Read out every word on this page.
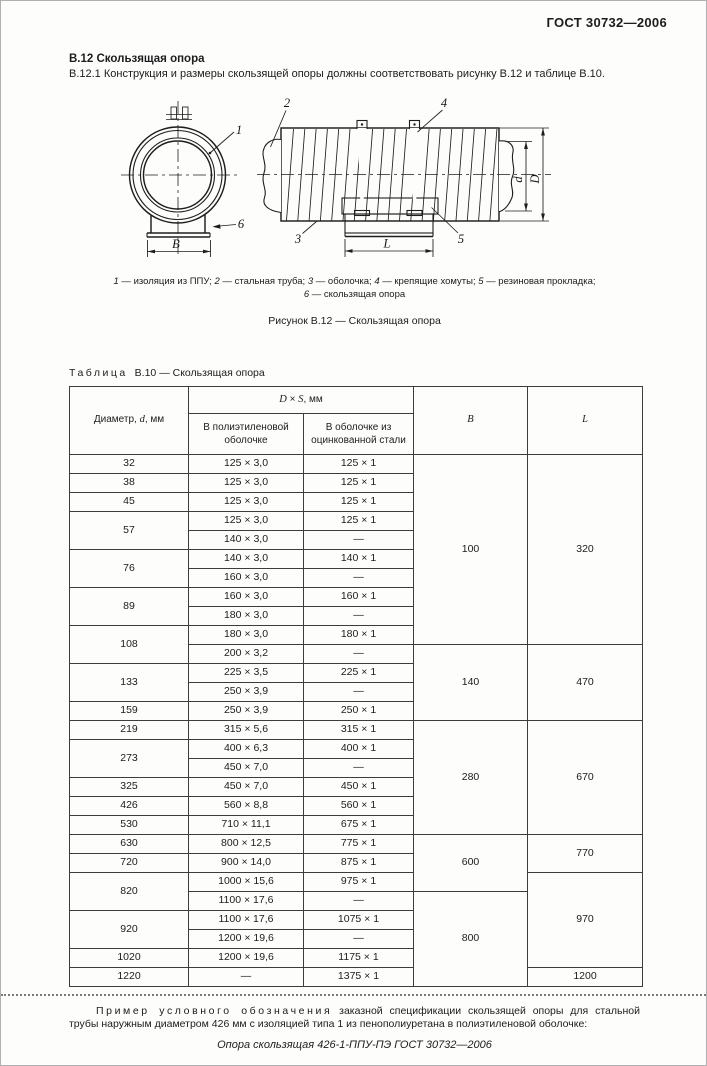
ГОСТ 30732—2006
В.12 Скользящая опора
В.12.1 Конструкция и размеры скользящей опоры должны соответствовать рисунку В.12 и таблице В.10.
B
1
6
L
d D
2	4
3	5
1 — изоляция из ППУ; 2 — стальная труба; 3 — оболочка; 4 — крепящие хомуты; 5 — резиновая прокладка;
6 — скользящая опора
Рисунок В.12 — Скользящая опора
Таблица В.10 — Скользящая опора
Диаметр, d, мм	D × S, мм		B	L
	В полиэтиленовой оболочке	В оболочке из оцинкованной стали		
32	125 × 3,0	125 × 1	100	320
38	125 × 3,0	125 × 1		
45	125 × 3,0	125 × 1		
57	125 × 3,0	125 × 1		
	140 × 3,0	—		
76	140 × 3,0	140 × 1		
	160 × 3,0	—		
89	160 × 3,0	160 × 1		
	180 × 3,0	—		
108	180 × 3,0	180 × 1		
	200 × 3,2	—	140	470
133	225 × 3,5	225 × 1		
	250 × 3,9	—		
159	250 × 3,9	250 × 1		
219	315 × 5,6	315 × 1	280	670
273	400 × 6,3	400 × 1		
	450 × 7,0	—		
325	450 × 7,0	450 × 1		
426	560 × 8,8	560 × 1		
530	710 × 11,1	675 × 1		
630	800 × 12,5	775 × 1	600	770
720	900 × 14,0	875 × 1		
820	1000 × 15,6	975 × 1		970
	1100 × 17,6	—	800	
920	1100 × 17,6	1075 × 1		
	1200 × 19,6	—		
1020	1200 × 19,6	1175 × 1		
1220	—	1375 × 1		1200
Пример условного обозначения заказной спецификации скользящей опоры для стальной трубы наружным диаметром 426 мм с изоляцией типа 1 из пенополиуретана в полиэтиленовой оболочке:
Опора скользящая 426-1-ППУ-ПЭ ГОСТ 30732—2006
